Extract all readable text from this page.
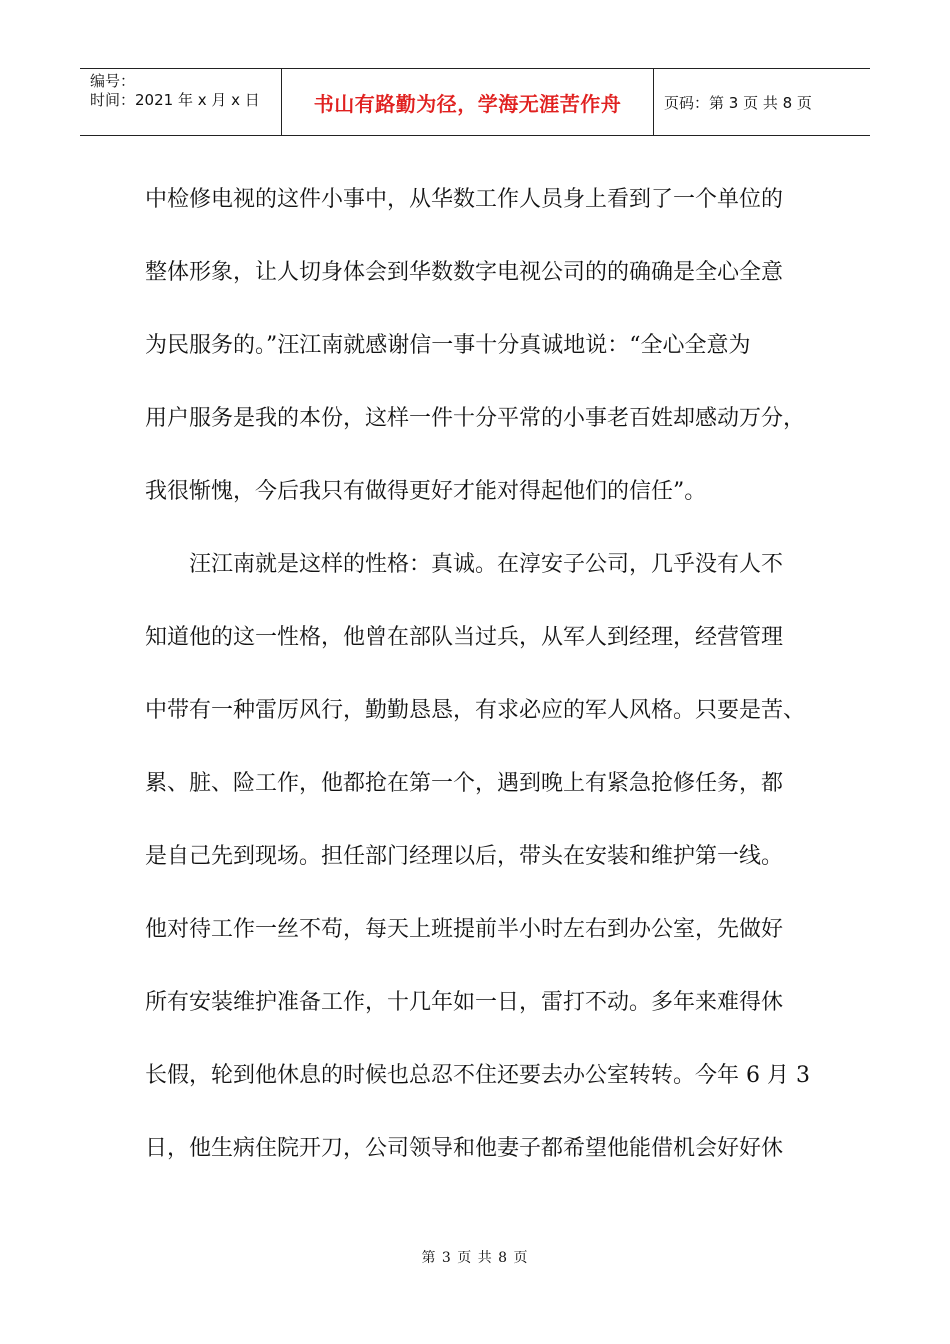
编号：
时间：2021 年 x 月 x 日	书山有路勤为径，学海无涯苦作舟	页码：第 3 页 共 8 页
中检修电视的这件小事中，从华数工作人员身上看到了一个单位的
整体形象，让人切身体会到华数数字电视公司的的确确是全心全意
为民服务的。”汪江南就感谢信一事十分真诚地说：“全心全意为
用户服务是我的本份，这样一件十分平常的小事老百姓却感动万分，
我很惭愧，今后我只有做得更好才能对得起他们的信任”。
汪江南就是这样的性格：真诚。在淳安子公司，几乎没有人不
知道他的这一性格，他曾在部队当过兵，从军人到经理，经营管理
中带有一种雷厉风行，勤勤恳恳，有求必应的军人风格。只要是苦、
累、脏、险工作，他都抢在第一个，遇到晚上有紧急抢修任务，都
是自己先到现场。担任部门经理以后，带头在安装和维护第一线。
他对待工作一丝不苟，每天上班提前半小时左右到办公室，先做好
所有安装维护准备工作，十几年如一日，雷打不动。多年来难得休
长假，轮到他休息的时候也总忍不住还要去办公室转转。今年 6 月 3
日，他生病住院开刀，公司领导和他妻子都希望他能借机会好好休
第 3 页 共 8 页
